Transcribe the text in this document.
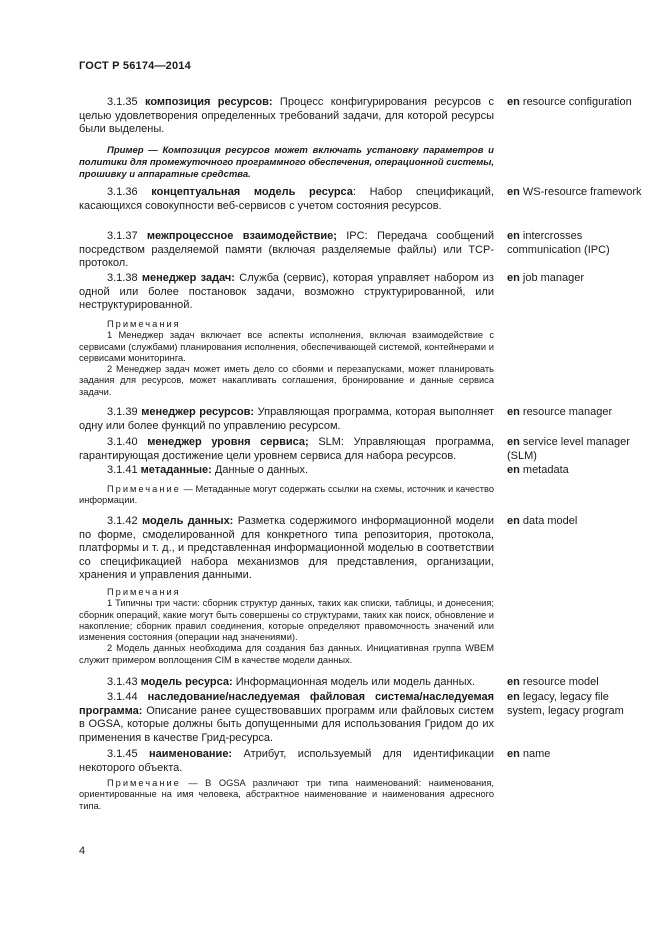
ГОСТ Р 56174—2014

3.1.35 композиция ресурсов: Процесс конфигурирования ресурсов с целью удовлетворения определенных требований задачи, для которой ресурсы были выделены.

en resource configuration

Пример — Композиция ресурсов может включать установку параметров и политики для промежуточного программного обеспечения, операционной системы, прошивку и аппаратные средства.

3.1.36 концептуальная модель ресурса: Набор спецификаций, касающихся совокупности веб-сервисов с учетом состояния ресурсов.

en WS-resource framework

3.1.37 межпроцессное взаимодействие; IPC: Передача сообщений посредством разделяемой памяти (включая разделяемые файлы) или TCP-протокол.

en intercrosses communication (IPC)

3.1.38 менеджер задач: Служба (сервис), которая управляет набором из одной или более постановок задачи, возможно структурированной, или неструктурированной.

en job manager

Примечания

1 Менеджер задач включает все аспекты исполнения, включая взаимодействие с сервисами (службами) планирования исполнения, обеспечивающей системой, контейнерами и сервисами мониторинга.

2 Менеджер задач может иметь дело со сбоями и перезапусками, может планировать задания для ресурсов, может накапливать соглашения, бронирование и данные сервиса задачи.

3.1.39 менеджер ресурсов: Управляющая программа, которая выполняет одну или более функций по управлению ресурсом.

en resource manager

3.1.40 менеджер уровня сервиса; SLM: Управляющая программа, гарантирующая достижение цели уровнем сервиса для набора ресурсов.

en service level manager (SLM)

3.1.41 метаданные: Данные о данных.	en metadata

Примечание — Метаданные могут содержать ссылки на схемы, источник и качество информации.

3.1.42 модель данных: Разметка содержимого информационной модели по форме, смоделированной для конкретного типа репозитория, протокола, платформы и т. д., и представленная информационной моделью в соответствии со спецификацией набора механизмов для представления, организации, хранения и управления данными.

en data model

Примечания

1 Типичны три части: сборник структур данных, таких как списки, таблицы, и донесения; сборник операций, какие могут быть совершены со структурами, таких как поиск, обновление и накопление; сборник правил соединения, которые определяют правомочность значений или изменения состояния (операции над значениями).

2 Модель данных необходима для создания баз данных. Инициативная группа WBEM служит примером воплощения CIM в качестве модели данных.

3.1.43 модель ресурса: Информационная модель или модель данных.	en resource model

3.1.44 наследование/наследуемая файловая система/наследуемая программа: Описание ранее существовавших программ или файловых систем в OGSA, которые должны быть допущенными для использования Гридом до их применения в качестве Грид-ресурса.

en legacy, legacy file system, legacy program

3.1.45 наименование: Атрибут, используемый для идентификации некоторого объекта.

en name

Примечание — В OGSA различают три типа наименований: наименования, ориентированные на имя человека, абстрактное наименование и наименования адресного типа.

4
